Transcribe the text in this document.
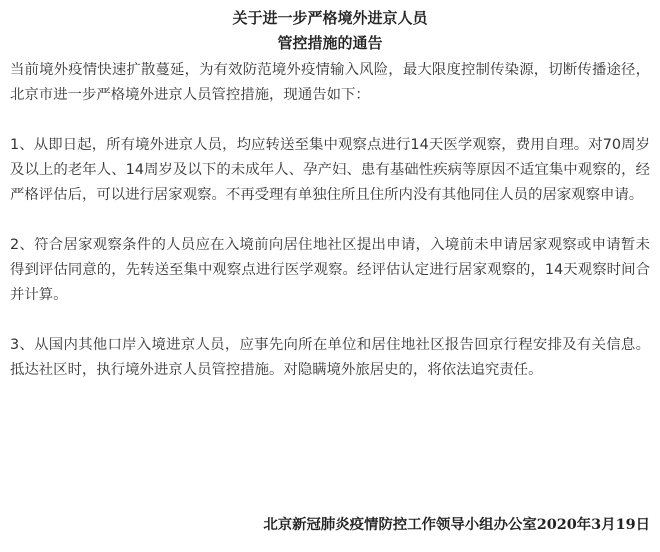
关于进一步严格境外进京人员
管控措施的通告

当前境外疫情快速扩散蔓延，为有效防范境外疫情输入风险，最大限度控制传染源，切断传播途径，北京市进一步严格境外进京人员管控措施，现通告如下：

1、从即日起，所有境外进京人员，均应转送至集中观察点进行14天医学观察，费用自理。对70周岁及以上的老年人、14周岁及以下的未成年人、孕产妇、患有基础性疾病等原因不适宜集中观察的，经严格评估后，可以进行居家观察。不再受理有单独住所且住所内没有其他同住人员的居家观察申请。

2、符合居家观察条件的人员应在入境前向居住地社区提出申请，入境前未申请居家观察或申请暂未得到评估同意的，先转送至集中观察点进行医学观察。经评估认定进行居家观察的，14天观察时间合并计算。

3、从国内其他口岸入境进京人员，应事先向所在单位和居住地社区报告回京行程安排及有关信息。抵达社区时，执行境外进京人员管控措施。对隐瞒境外旅居史的，将依法追究责任。

北京新冠肺炎疫情防控工作领导小组办公室2020年3月19日
